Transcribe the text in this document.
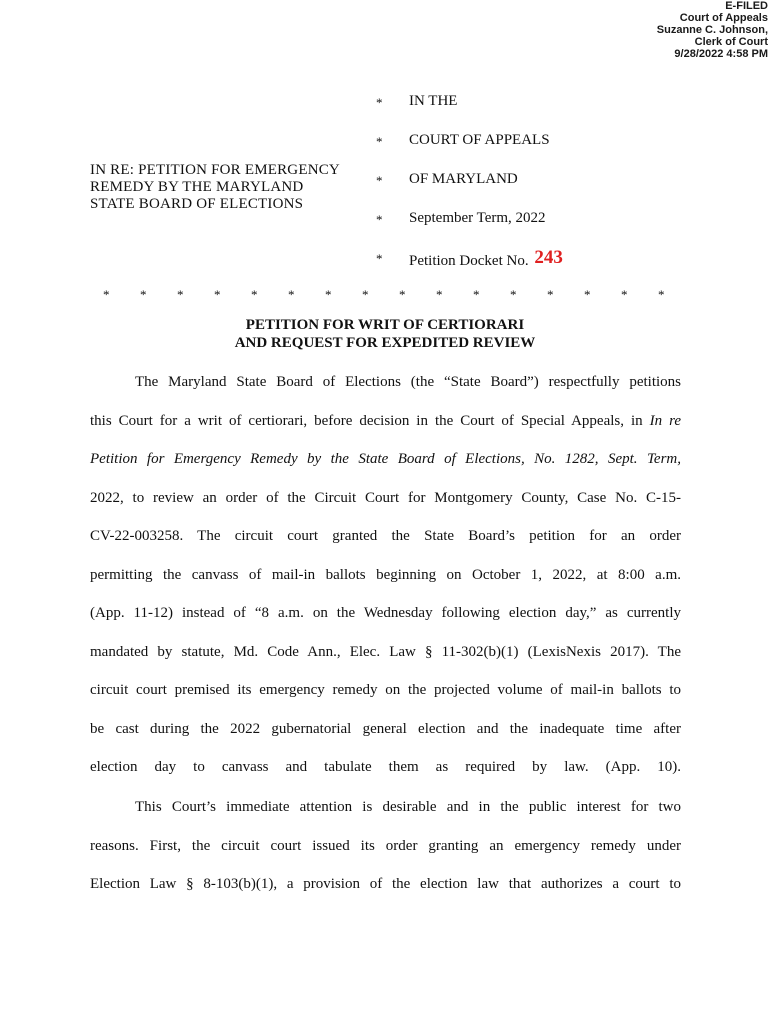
E-FILED
Court of Appeals
Suzanne C. Johnson,
Clerk of Court
9/28/2022 4:58 PM
IN RE: PETITION FOR EMERGENCY
REMEDY BY THE MARYLAND
STATE BOARD OF ELECTIONS
* IN THE
* COURT OF APPEALS
* OF MARYLAND
* September Term, 2022
* Petition Docket No. 243
* * * * * * * * * * * * * * * *
PETITION FOR WRIT OF CERTIORARI
AND REQUEST FOR EXPEDITED REVIEW
The Maryland State Board of Elections (the “State Board”) respectfully petitions
this Court for a writ of certiorari, before decision in the Court of Special Appeals, in In re
Petition for Emergency Remedy by the State Board of Elections, No. 1282, Sept. Term,
2022, to review an order of the Circuit Court for Montgomery County, Case No. C-15-
CV-22-003258. The circuit court granted the State Board’s petition for an order
permitting the canvass of mail-in ballots beginning on October 1, 2022, at 8:00 a.m.
(App. 11-12) instead of “8 a.m. on the Wednesday following election day,” as currently
mandated by statute, Md. Code Ann., Elec. Law § 11-302(b)(1) (LexisNexis 2017). The
circuit court premised its emergency remedy on the projected volume of mail-in ballots to
be cast during the 2022 gubernatorial general election and the inadequate time after
election day to canvass and tabulate them as required by law. (App. 10).
This Court’s immediate attention is desirable and in the public interest for two
reasons. First, the circuit court issued its order granting an emergency remedy under
Election Law § 8-103(b)(1), a provision of the election law that authorizes a court to
